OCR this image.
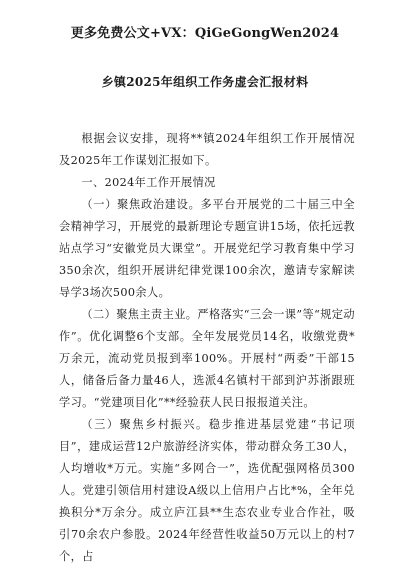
更多免费公文+VX：QiGeGongWen2024
乡镇2025年组织工作务虚会汇报材料

根据会议安排，现将**镇2024年组织工作开展情况及2025年工作谋划汇报如下。

一、2024年工作开展情况

（一）聚焦政治建设。多平台开展党的二十届三中全会精神学习，开展党的最新理论专题宣讲15场，依托远教站点学习“安徽党员大课堂”。开展党纪学习教育集中学习350余次，组织开展讲纪律党课100余次，邀请专家解读导学3场次500余人。

（二）聚焦主责主业。严格落实“三会一课”等“规定动作”。优化调整6个支部。全年发展党员14名，收缴党费*万余元，流动党员报到率100%。开展村“两委”干部15人，储备后备力量46人，选派4名镇村干部到沪苏浙跟班学习。“党建项目化”**经验获人民日报报道关注。

（三）聚焦乡村振兴。稳步推进基层党建“书记项目”，建成运营12户旅游经济实体，带动群众务工30人，人均增收*万元。实施“多网合一”，选优配强网格员300人。党建引领信用村建设A级以上信用户占比*%，全年兑换积分*万余分。成立庐江县**生态农业专业合作社，吸引70余农户参股。2024年经营性收益50万元以上的村7个，占
